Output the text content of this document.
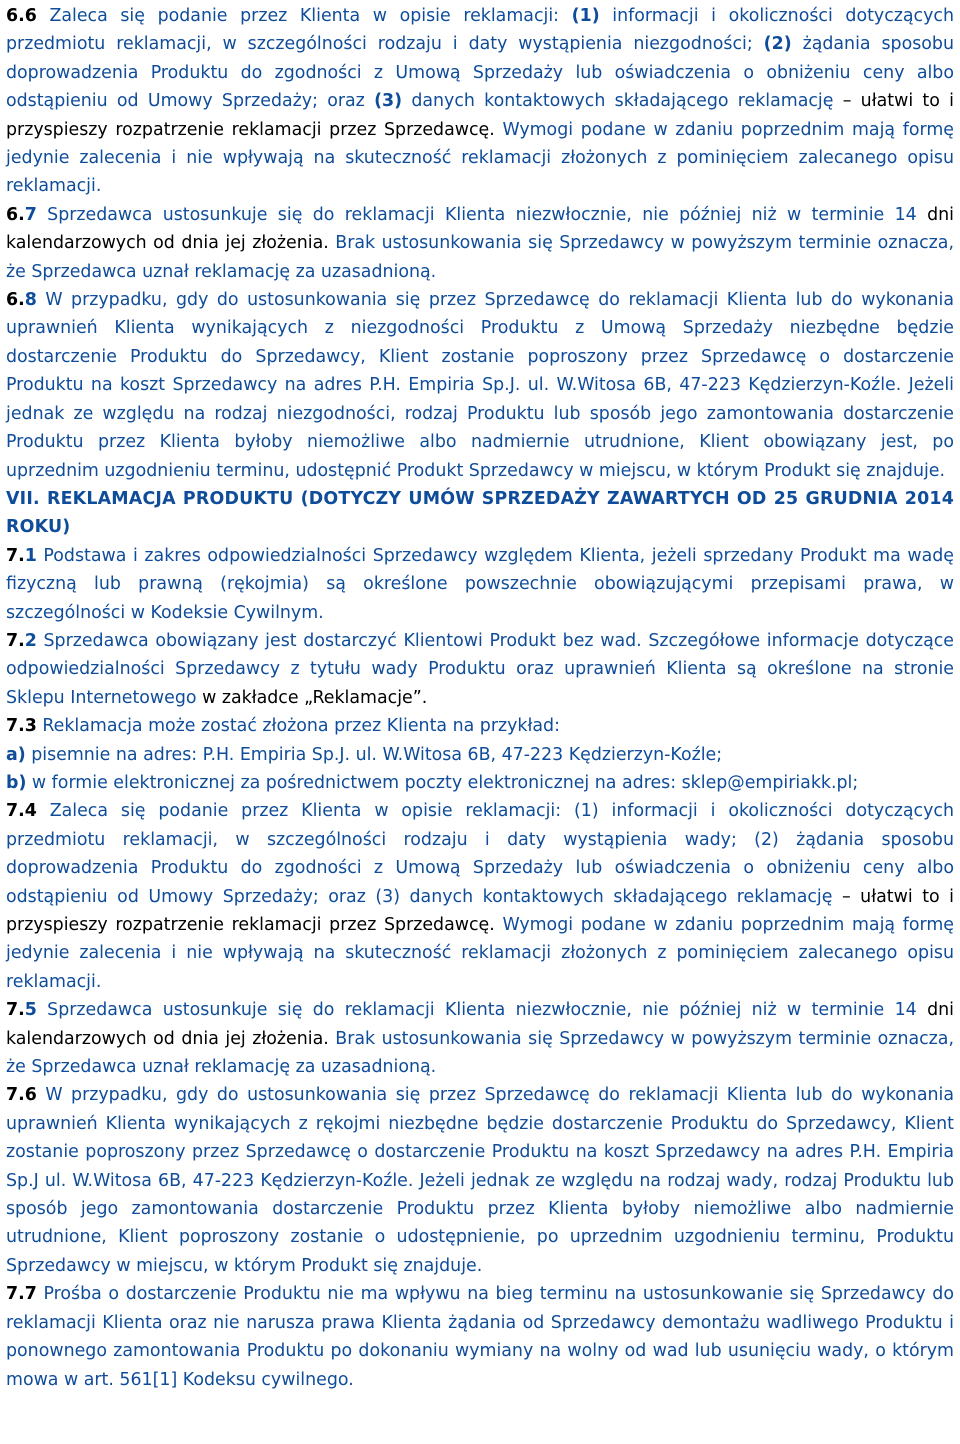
6.6 Zaleca się podanie przez Klienta w opisie reklamacji: (1) informacji i okoliczności dotyczących przedmiotu reklamacji, w szczególności rodzaju i daty wystąpienia niezgodności; (2) żądania sposobu doprowadzenia Produktu do zgodności z Umową Sprzedaży lub oświadczenia o obniżeniu ceny albo odstąpieniu od Umowy Sprzedaży; oraz (3) danych kontaktowych składającego reklamację – ułatwi to i przyspieszy rozpatrzenie reklamacji przez Sprzedawcę. Wymogi podane w zdaniu poprzednim mają formę jedynie zalecenia i nie wpływają na skuteczność reklamacji złożonych z pominięciem zalecanego opisu reklamacji.

6.7 Sprzedawca ustosunkuje się do reklamacji Klienta niezwłocznie, nie później niż w terminie 14 dni kalendarzowych od dnia jej złożenia. Brak ustosunkowania się Sprzedawcy w powyższym terminie oznacza, że Sprzedawca uznał reklamację za uzasadnioną.

6.8 W przypadku, gdy do ustosunkowania się przez Sprzedawcę do reklamacji Klienta lub do wykonania uprawnień Klienta wynikających z niezgodności Produktu z Umową Sprzedaży niezbędne będzie dostarczenie Produktu do Sprzedawcy, Klient zostanie poproszony przez Sprzedawcę o dostarczenie Produktu na koszt Sprzedawcy na adres P.H. Empiria Sp.J. ul. W.Witosa 6B, 47-223 Kędzierzyn-Koźle. Jeżeli jednak ze względu na rodzaj niezgodności, rodzaj Produktu lub sposób jego zamontowania dostarczenie Produktu przez Klienta byłoby niemożliwe albo nadmiernie utrudnione, Klient obowiązany jest, po uprzednim uzgodnieniu terminu, udostępnić Produkt Sprzedawcy w miejscu, w którym Produkt się znajduje.

VII. REKLAMACJA PRODUKTU (DOTYCZY UMÓW SPRZEDAŻY ZAWARTYCH OD 25 GRUDNIA 2014 ROKU)

7.1 Podstawa i zakres odpowiedzialności Sprzedawcy względem Klienta, jeżeli sprzedany Produkt ma wadę fizyczną lub prawną (rękojmia) są określone powszechnie obowiązującymi przepisami prawa, w szczególności w Kodeksie Cywilnym.

7.2 Sprzedawca obowiązany jest dostarczyć Klientowi Produkt bez wad. Szczegółowe informacje dotyczące odpowiedzialności Sprzedawcy z tytułu wady Produktu oraz uprawnień Klienta są określone na stronie Sklepu Internetowego w zakładce „Reklamacje”.

7.3 Reklamacja może zostać złożona przez Klienta na przykład:

a) pisemnie na adres: P.H. Empiria Sp.J. ul. W.Witosa 6B, 47-223 Kędzierzyn-Koźle;

b) w formie elektronicznej za pośrednictwem poczty elektronicznej na adres: sklep@empiriakk.pl;

7.4 Zaleca się podanie przez Klienta w opisie reklamacji: (1) informacji i okoliczności dotyczących przedmiotu reklamacji, w szczególności rodzaju i daty wystąpienia wady; (2) żądania sposobu doprowadzenia Produktu do zgodności z Umową Sprzedaży lub oświadczenia o obniżeniu ceny albo odstąpieniu od Umowy Sprzedaży; oraz (3) danych kontaktowych składającego reklamację – ułatwi to i przyspieszy rozpatrzenie reklamacji przez Sprzedawcę. Wymogi podane w zdaniu poprzednim mają formę jedynie zalecenia i nie wpływają na skuteczność reklamacji złożonych z pominięciem zalecanego opisu reklamacji.

7.5 Sprzedawca ustosunkuje się do reklamacji Klienta niezwłocznie, nie później niż w terminie 14 dni kalendarzowych od dnia jej złożenia. Brak ustosunkowania się Sprzedawcy w powyższym terminie oznacza, że Sprzedawca uznał reklamację za uzasadnioną.

7.6 W przypadku, gdy do ustosunkowania się przez Sprzedawcę do reklamacji Klienta lub do wykonania uprawnień Klienta wynikających z rękojmi niezbędne będzie dostarczenie Produktu do Sprzedawcy, Klient zostanie poproszony przez Sprzedawcę o dostarczenie Produktu na koszt Sprzedawcy na adres P.H. Empiria Sp.J ul. W.Witosa 6B, 47-223 Kędzierzyn-Koźle. Jeżeli jednak ze względu na rodzaj wady, rodzaj Produktu lub sposób jego zamontowania dostarczenie Produktu przez Klienta byłoby niemożliwe albo nadmiernie utrudnione, Klient poproszony zostanie o udostępnienie, po uprzednim uzgodnieniu terminu, Produktu Sprzedawcy w miejscu, w którym Produkt się znajduje.

7.7 Prośba o dostarczenie Produktu nie ma wpływu na bieg terminu na ustosunkowanie się Sprzedawcy do reklamacji Klienta oraz nie narusza prawa Klienta żądania od Sprzedawcy demontażu wadliwego Produktu i ponownego zamontowania Produktu po dokonaniu wymiany na wolny od wad lub usunięciu wady, o którym mowa w art. 561[1] Kodeksu cywilnego.
